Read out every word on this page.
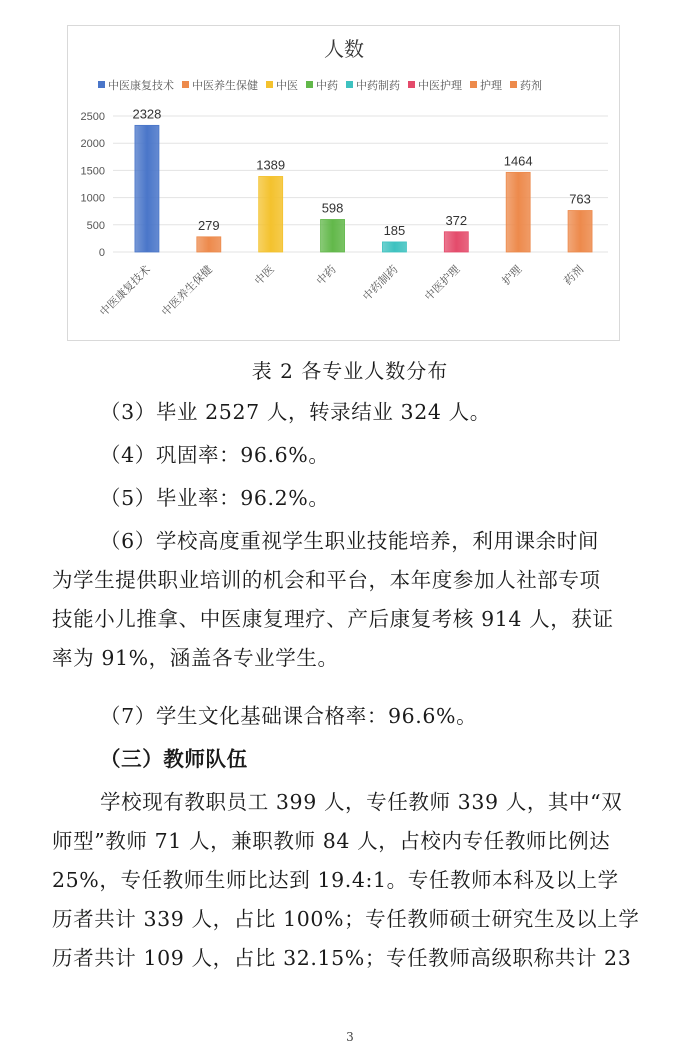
人数
中医康复技术 中医养生保健 中医 中药 中药制药 中医护理 护理 药剂
0
500
1000
1500
2000
2500 2328
中医康复技术
279
中医养生保健
1389
中医
598
中药
185
中药制药
372
中医护理
1464
护理
763
药剂
表 2 各专业人数分布
（3）毕业 2527 人，转录结业 324 人。
（4）巩固率：96.6%。
（5）毕业率：96.2%。
（6）学校高度重视学生职业技能培养，利用课余时间
为学生提供职业培训的机会和平台，本年度参加人社部专项
技能小儿推拿、中医康复理疗、产后康复考核 914 人，获证
率为 91%，涵盖各专业学生。
（7）学生文化基础课合格率：96.6%。
（三）教师队伍
学校现有教职员工 399 人，专任教师 339 人，其中“双
师型”教师 71 人，兼职教师 84 人，占校内专任教师比例达
25%，专任教师生师比达到 19.4:1。专任教师本科及以上学
历者共计 339 人，占比 100%；专任教师硕士研究生及以上学
历者共计 109 人，占比 32.15%；专任教师高级职称共计 23
3
